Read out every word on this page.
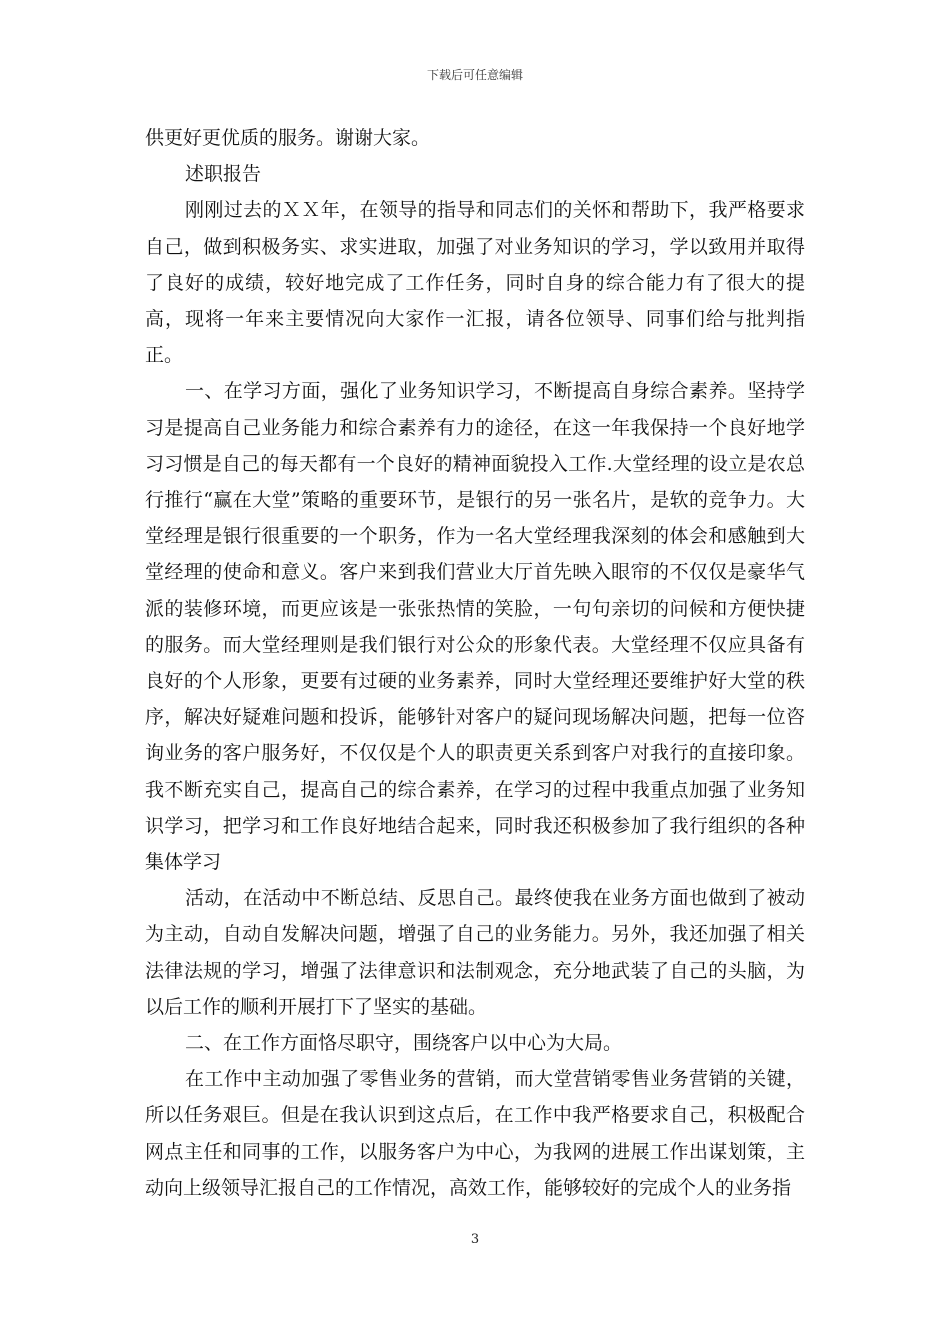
下载后可任意编辑

供更好更优质的服务。谢谢大家。

述职报告

刚刚过去的ＸＸ年，在领导的指导和同志们的关怀和帮助下，我严格要求自己，做到积极务实、求实进取，加强了对业务知识的学习，学以致用并取得了良好的成绩，较好地完成了工作任务，同时自身的综合能力有了很大的提高，现将一年来主要情况向大家作一汇报，请各位领导、同事们给与批判指正。

一、在学习方面，强化了业务知识学习，不断提高自身综合素养。坚持学习是提高自己业务能力和综合素养有力的途径，在这一年我保持一个良好地学习习惯是自己的每天都有一个良好的精神面貌投入工作.大堂经理的设立是农总行推行“赢在大堂”策略的重要环节，是银行的另一张名片，是软的竞争力。大堂经理是银行很重要的一个职务，作为一名大堂经理我深刻的体会和感触到大堂经理的使命和意义。客户来到我们营业大厅首先映入眼帘的不仅仅是豪华气派的装修环境，而更应该是一张张热情的笑脸，一句句亲切的问候和方便快捷的服务。而大堂经理则是我们银行对公众的形象代表。大堂经理不仅应具备有良好的个人形象，更要有过硬的业务素养，同时大堂经理还要维护好大堂的秩序，解决好疑难问题和投诉，能够针对客户的疑问现场解决问题，把每一位咨询业务的客户服务好，不仅仅是个人的职责更关系到客户对我行的直接印象。我不断充实自己，提高自己的综合素养，在学习的过程中我重点加强了业务知识学习，把学习和工作良好地结合起来，同时我还积极参加了我行组织的各种集体学习

活动，在活动中不断总结、反思自己。最终使我在业务方面也做到了被动为主动，自动自发解决问题，增强了自己的业务能力。另外，我还加强了相关法律法规的学习，增强了法律意识和法制观念，充分地武装了自己的头脑，为以后工作的顺利开展打下了坚实的基础。

二、在工作方面恪尽职守，围绕客户以中心为大局。

在工作中主动加强了零售业务的营销，而大堂营销零售业务营销的关键，所以任务艰巨。但是在我认识到这点后，在工作中我严格要求自己，积极配合网点主任和同事的工作，以服务客户为中心，为我网的进展工作出谋划策，主动向上级领导汇报自己的工作情况，高效工作，能够较好的完成个人的业务指

3
